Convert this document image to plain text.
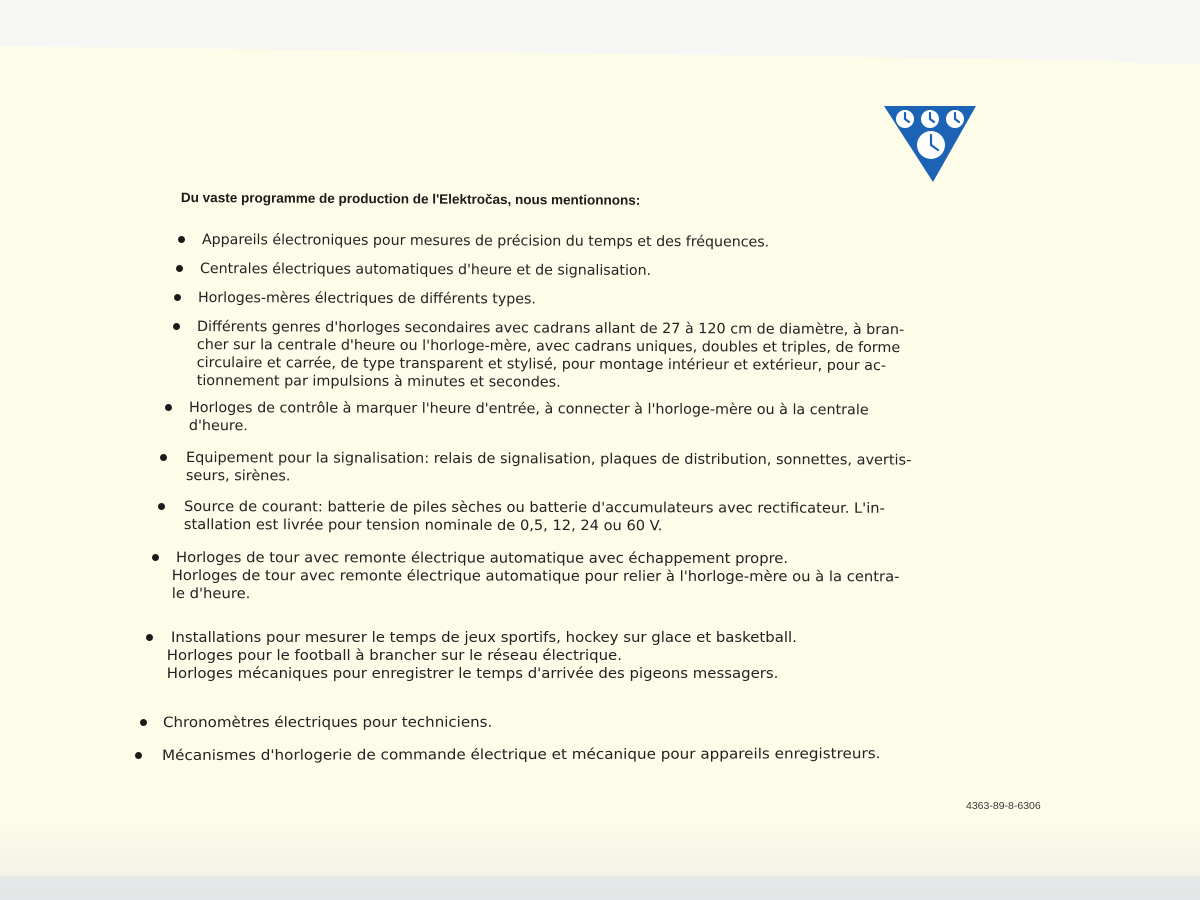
Du vaste programme de production de l'Elektročas, nous mentionnons:
Appareils électroniques pour mesures de précision du temps et des fréquences.
Centrales électriques automatiques d'heure et de signalisation.
Horloges-mères électriques de différents types.
Différents genres d'horloges secondaires avec cadrans allant de 27 à 120 cm de diamètre, à bran-
cher sur la centrale d'heure ou l'horloge-mère, avec cadrans uniques, doubles et triples, de forme
circulaire et carrée, de type transparent et stylisé, pour montage intérieur et extérieur, pour ac-
tionnement par impulsions à minutes et secondes.
Horloges de contrôle à marquer l'heure d'entrée, à connecter à l'horloge-mère ou à la centrale
d'heure.
Equipement pour la signalisation: relais de signalisation, plaques de distribution, sonnettes, avertis-
seurs, sirènes.
Source de courant: batterie de piles sèches ou batterie d'accumulateurs avec rectificateur. L'in-
stallation est livrée pour tension nominale de 0,5, 12, 24 ou 60 V.
Horloges de tour avec remonte électrique automatique avec échappement propre.
Horloges de tour avec remonte électrique automatique pour relier à l'horloge-mère ou à la centra-
le d'heure.
Installations pour mesurer le temps de jeux sportifs, hockey sur glace et basketball.
Horloges pour le football à brancher sur le réseau électrique.
Horloges mécaniques pour enregistrer le temps d'arrivée des pigeons messagers.
Chronomètres électriques pour techniciens.
Mécanismes d'horlogerie de commande électrique et mécanique pour appareils enregistreurs.
4363-89-8-6306
